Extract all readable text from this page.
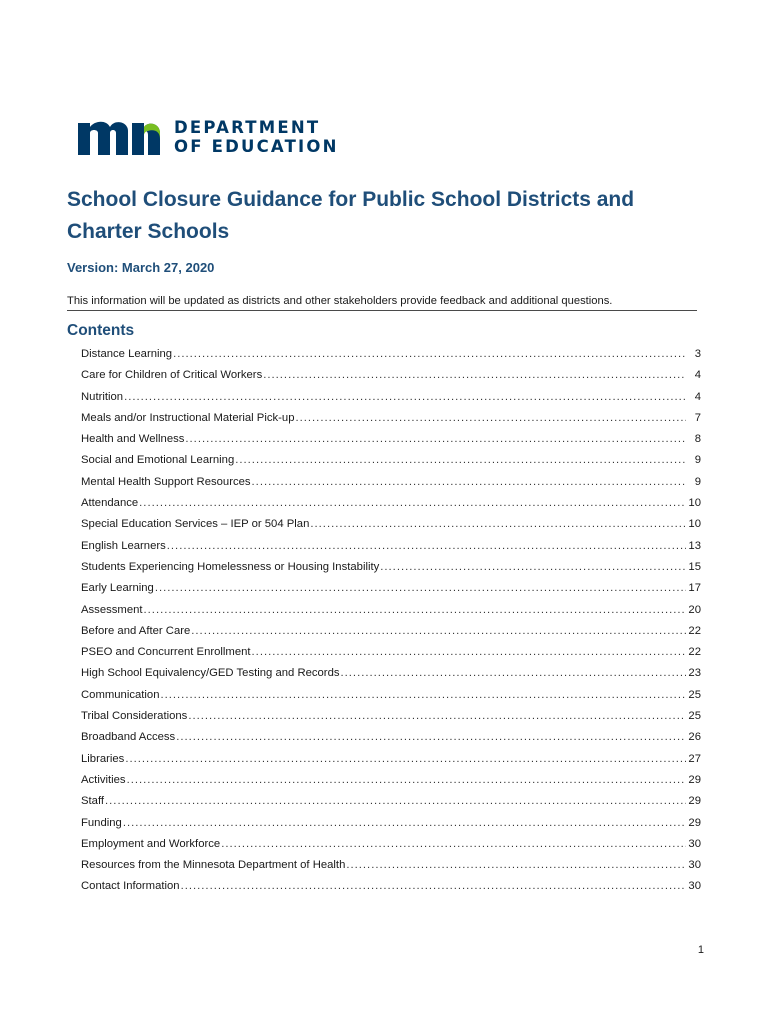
DEPARTMENT
OF EDUCATION
School Closure Guidance for Public School Districts and Charter Schools

Version: March 27, 2020

This information will be updated as districts and other stakeholders provide feedback and additional questions.

Contents
Distance Learning .....	3
Care for Children of Critical Workers .....	4
Nutrition .....	4
Meals and/or Instructional Material Pick-up .....	7
Health and Wellness .....	8
Social and Emotional Learning .....	9
Mental Health Support Resources .....	9
Attendance .....	10
Special Education Services – IEP or 504 Plan .....	10
English Learners .....	13
Students Experiencing Homelessness or Housing Instability .....	15
Early Learning .....	17
Assessment .....	20
Before and After Care .....	22
PSEO and Concurrent Enrollment .....	22
High School Equivalency/GED Testing and Records .....	23
Communication .....	25
Tribal Considerations .....	25
Broadband Access .....	26
Libraries .....	27
Activities .....	29
Staff .....	29
Funding .....	29
Employment and Workforce .....	30
Resources from the Minnesota Department of Health .....	30
Contact Information .....	30
1
